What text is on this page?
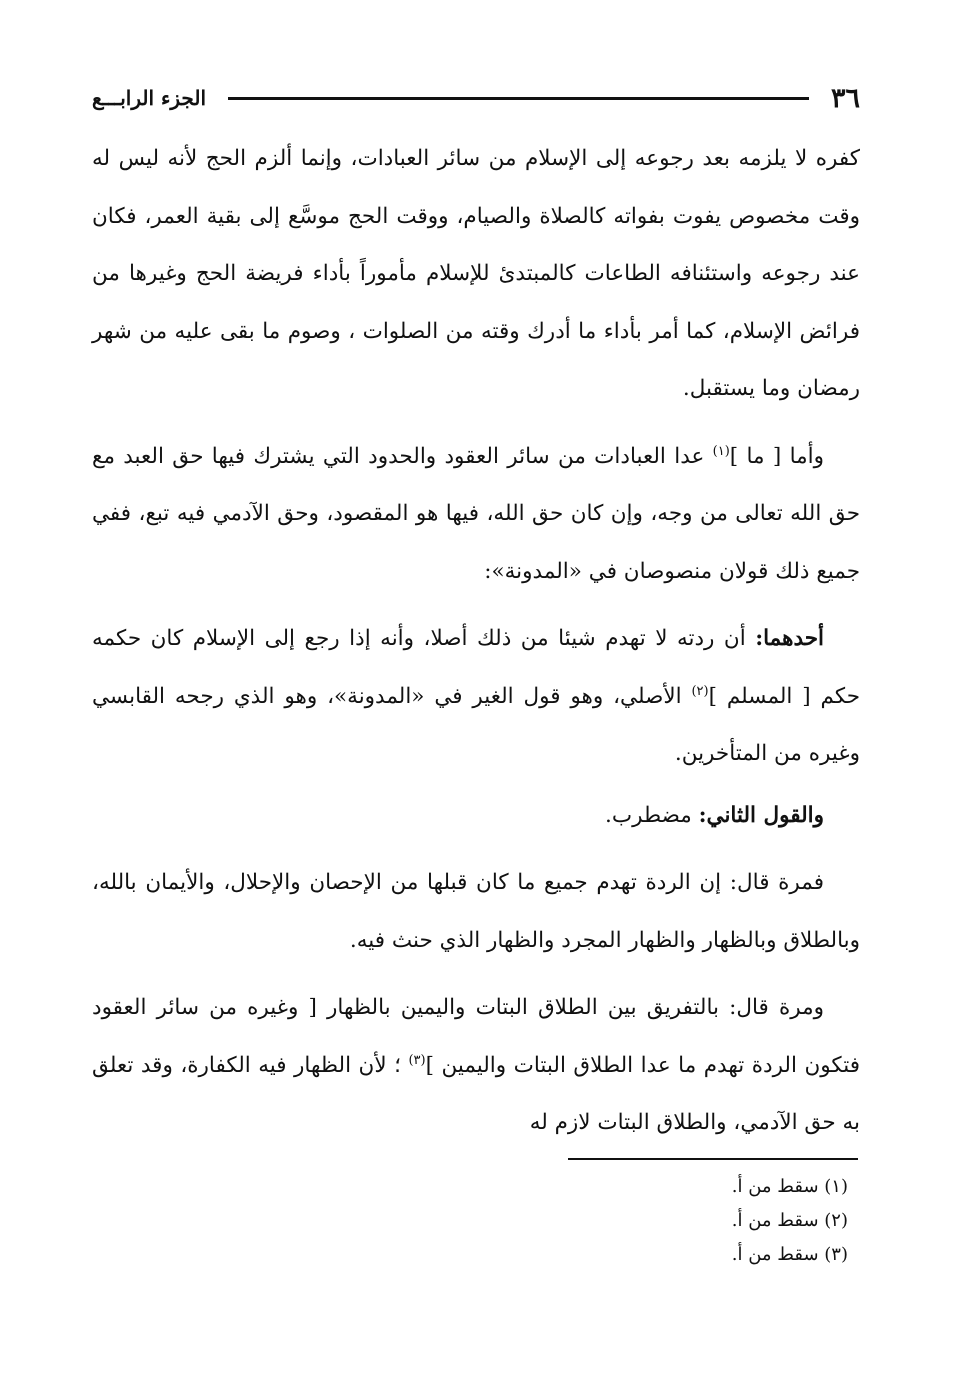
٣٦
الجزء الرابـــع

كفره لا يلزمه بعد رجوعه إلى الإسلام من سائر العبادات، وإنما ألزم الحج لأنه ليس له وقت مخصوص يفوت بفواته كالصلاة والصيام، ووقت الحج موسَّع إلى بقية العمر، فكان عند رجوعه واستئنافه الطاعات كالمبتدئ للإسلام مأموراً بأداء فريضة الحج وغيرها من فرائض الإسلام، كما أمر بأداء ما أدرك وقته من الصلوات ، وصوم ما بقى عليه من شهر رمضان وما يستقبل.

وأما [ ما ]$^{(١)}$ عدا العبادات من سائر العقود والحدود التي يشترك فيها حق العبد مع حق الله تعالى من وجه، وإن كان حق الله، فيها هو المقصود، وحق الآدمي فيه تبع، ففي جميع ذلك قولان منصوصان في «المدونة»:

أحدهما: أن ردته لا تهدم شيئا من ذلك أصلا، وأنه إذا رجع إلى الإسلام كان حكمه حكم [ المسلم ]$^{(٢)}$ الأصلي، وهو قول الغير في «المدونة»، وهو الذي رجحه القابسي وغيره من المتأخرين.

والقول الثاني: مضطرب.

فمرة قال: إن الردة تهدم جميع ما كان قبلها من الإحصان والإحلال، والأيمان بالله، وبالطلاق وبالظهار والظهار المجرد والظهار الذي حنث فيه.

ومرة قال: بالتفريق بين الطلاق البتات واليمين بالظهار [ وغيره من سائر العقود فتكون الردة تهدم ما عدا الطلاق البتات واليمين ]$^{(٣)}$ ؛ لأن الظهار فيه الكفارة، وقد تعلق به حق الآدمي، والطلاق البتات لازم له

(١) سقط من أ.

(٢) سقط من أ.

(٣) سقط من أ.
